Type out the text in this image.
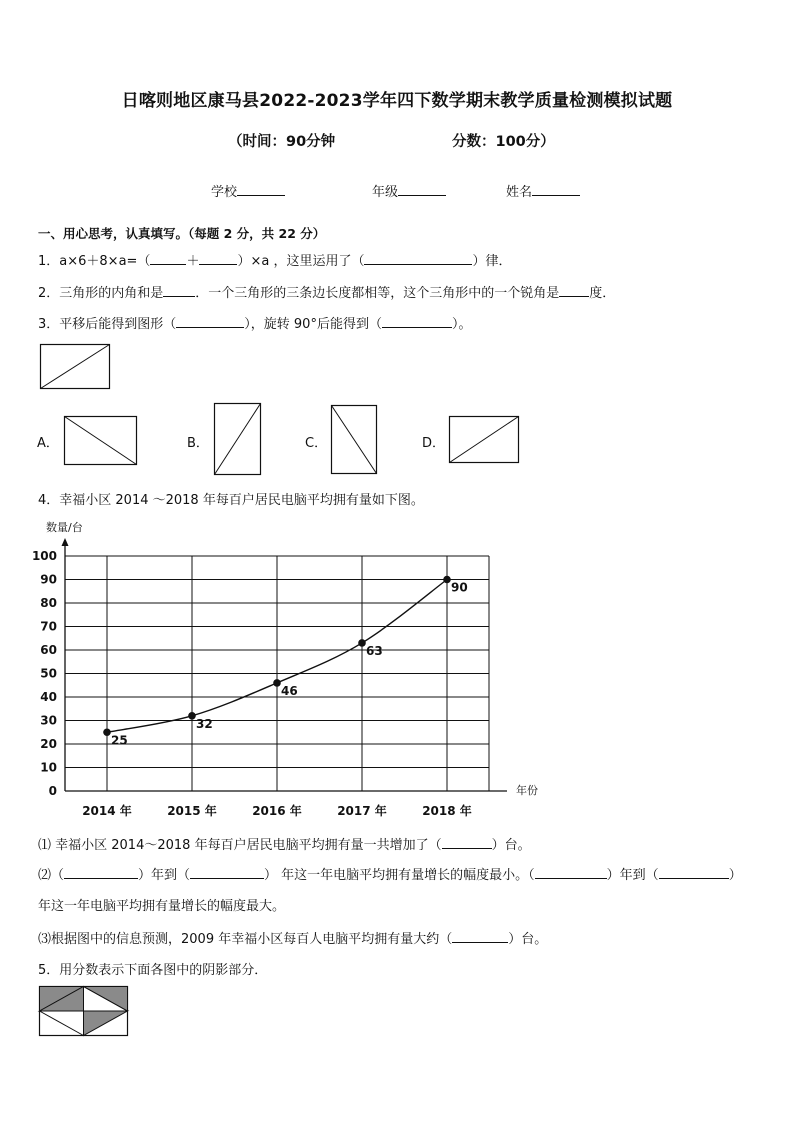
日喀则地区康马县2022-2023学年四下数学期末教学质量检测模拟试题
（时间：90分钟	分数：100分）
学校	年级	姓名
一、用心思考，认真填写。（每题 2 分，共 22 分）
1．a×6＋8×a=（	＋	）×a ，这里运用了（	）律．
2．三角形的内角和是 ．一个三角形的三条边长度都相等，这个三角形中的一个锐角是 度．
3．平移后能得到图形（	），旋转 90°后能得到（	）。
A．	B．	C．	D．
4．幸福小区 2014 ～2018 年每百户居民电脑平均拥有量如下图。
0
10
20
30
40
50
60
70
80
90
100
数量/台
年份
2014 年	2015 年	2016 年	2017 年	2018 年
25
32
46
63
90
⑴ 幸福小区 2014～2018 年每百户居民电脑平均拥有量一共增加了（	）台。
⑵（	）年到（	） 年这一年电脑平均拥有量增长的幅度最小。（	）年到（	）
年这一年电脑平均拥有量增长的幅度最大。
⑶根据图中的信息预测，2009 年幸福小区每百人电脑平均拥有量大约（	）台。
5．用分数表示下面各图中的阴影部分．
